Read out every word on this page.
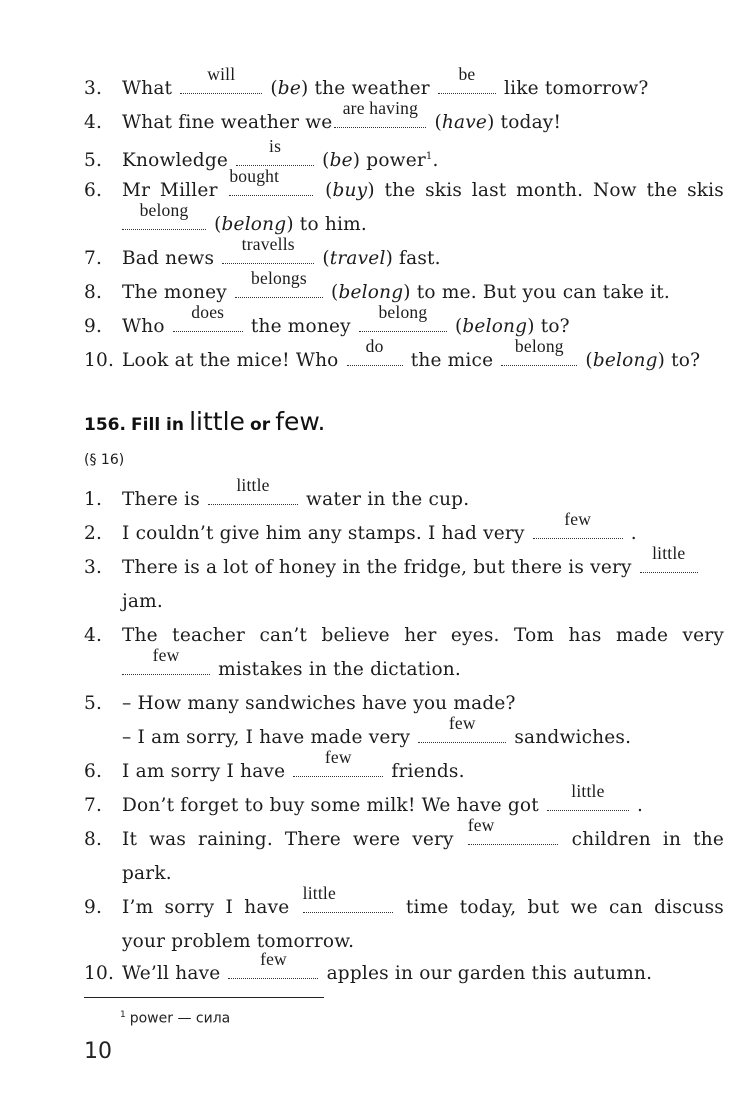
3. What
will
(be) the weather
be
like tomorrow?
4. What fine weather we
are having
(have) today!
5. Knowledge
is
(be) power$^1$.
6. Mr Miller
bought
(buy) the skis last month. Now the skis
belong
(belong) to him.
7. Bad news
travells
(travel) fast.
8. The money
belongs
(belong) to me. But you can take it.
9. Who
does
the money
belong
(belong) to?
10. Look at the mice! Who
do
the mice
belong
(belong) to?
156. Fill in little or few.
(§ 16)
1. There is
little
water in the cup.
2. I couldn’t give him any stamps. I had very
few
.
3. There is a lot of honey in the fridge, but there is very
little
jam.
4. The teacher can’t believe her eyes. Tom has made very
few
mistakes in the dictation.
5. – How many sandwiches have you made?
– I am sorry, I have made very
few
sandwiches.
6. I am sorry I have
few
friends.
7. Don’t forget to buy some milk! We have got
little
.
8. It was raining. There were very
few
children in the
park.
9. I’m sorry I have
little
time today, but we can discuss
your problem tomorrow.
10. We’ll have
few
apples in our garden this autumn.
$^1$ power — сила
10
